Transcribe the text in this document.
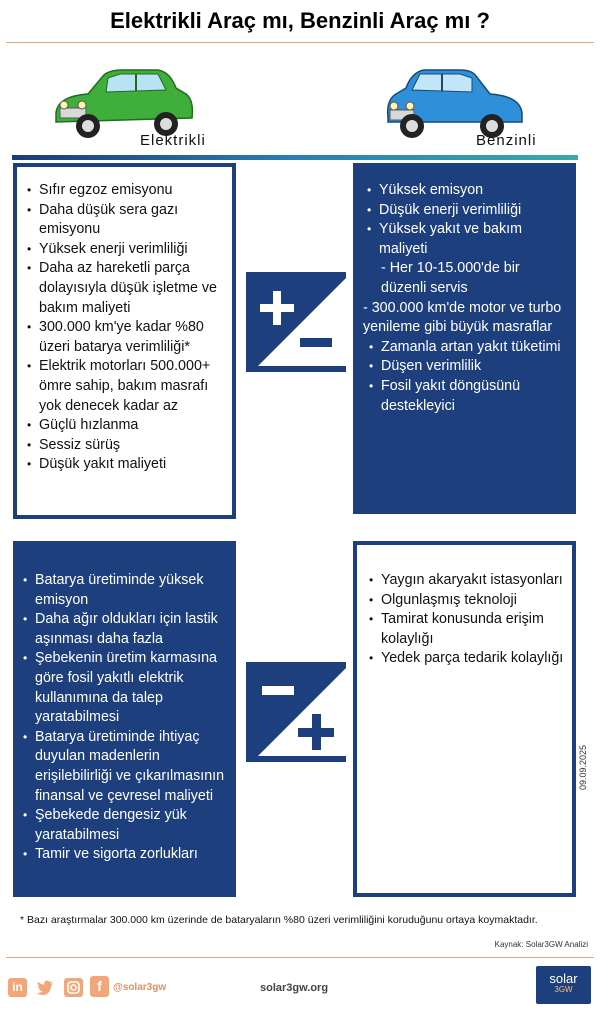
Elektrikli Araç mı, Benzinli Araç mı ?
Elektrikli	Benzinli
• Sıfır egzoz emisyonu
• Daha düşük sera gazı emisyonu
• Yüksek enerji verimliliği
• Daha az hareketli parça dolayısıyla düşük işletme ve bakım maliyeti
• 300.000 km'ye kadar %80 üzeri batarya verimliliği*
• Elektrik motorları 500.000+ ömre sahip, bakım masrafı yok denecek kadar az
• Güçlü hızlanma
• Sessiz sürüş
• Düşük yakıt maliyeti
• Yüksek emisyon
• Düşük enerji verimliliği
• Yüksek yakıt ve bakım maliyeti
- Her 10-15.000'de bir düzenli servis
- 300.000 km'de motor ve turbo yenileme gibi büyük masraflar
• Zamanla artan yakıt tüketimi
• Düşen verimlilik
• Fosil yakıt döngüsünü destekleyici
• Batarya üretiminde yüksek emisyon
• Daha ağır oldukları için lastik aşınması daha fazla
• Şebekenin üretim karmasına göre fosil yakıtlı elektrik kullanımına da talep yaratabilmesi
• Batarya üretiminde ihtiyaç duyulan madenlerin erişilebilirliği ve çıkarılmasının finansal ve çevresel maliyeti
• Şebekede dengesiz yük yaratabilmesi
• Tamir ve sigorta zorlukları
• Yaygın akaryakıt istasyonları
• Olgunlaşmış teknoloji
• Tamirat konusunda erişim kolaylığı
• Yedek parça tedarik kolaylığı
09.09.2025
* Bazı araştırmalar 300.000 km üzerinde de bataryaların %80 üzeri verimliliğini koruduğunu ortaya koymaktadır.
Kaynak: Solar3GW Analizi
in	f	@solar3gw	solar3gw.org
solar
3GW
